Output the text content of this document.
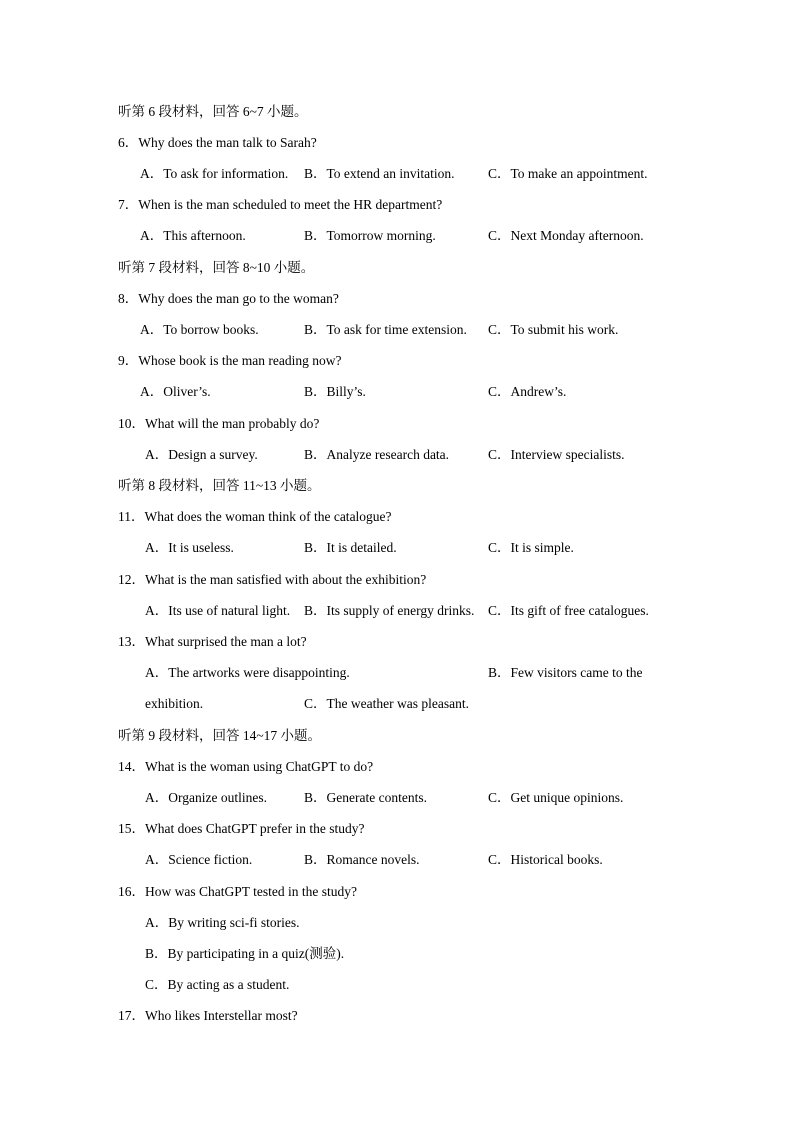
听第 6 段材料，回答 6~7 小题。
6．Why does the man talk to Sarah?
A．To ask for information. B．To extend an invitation. C．To make an appointment.
7．When is the man scheduled to meet the HR department?
A．This afternoon.	B．Tomorrow morning.	C．Next Monday afternoon.
听第 7 段材料，回答 8~10 小题。
8．Why does the man go to the woman?
A．To borrow books.	B．To ask for time extension. C．To submit his work.
9．Whose book is the man reading now?
A．Oliver’s.	B．Billy’s.	C．Andrew’s.
10．What will the man probably do?
A．Design a survey.	B．Analyze research data.	C．Interview specialists.
听第 8 段材料，回答 11~13 小题。
11．What does the woman think of the catalogue?
A．It is useless.	B．It is detailed.	C．It is simple.
12．What is the man satisfied with about the exhibition?
A．Its use of natural light. B．Its supply of energy drinks. C．Its gift of free catalogues.
13．What surprised the man a lot?
A．The artworks were disappointing.	B．Few visitors came to the
exhibition.	C．The weather was pleasant.
听第 9 段材料，回答 14~17 小题。
14．What is the woman using ChatGPT to do?
A．Organize outlines.	B．Generate contents.	C．Get unique opinions.
15．What does ChatGPT prefer in the study?
A．Science fiction.	B．Romance novels.	C．Historical books.
16．How was ChatGPT tested in the study?
A．By writing sci-fi stories.
B．By participating in a quiz(测验).
C．By acting as a student.
17．Who likes Interstellar most?
